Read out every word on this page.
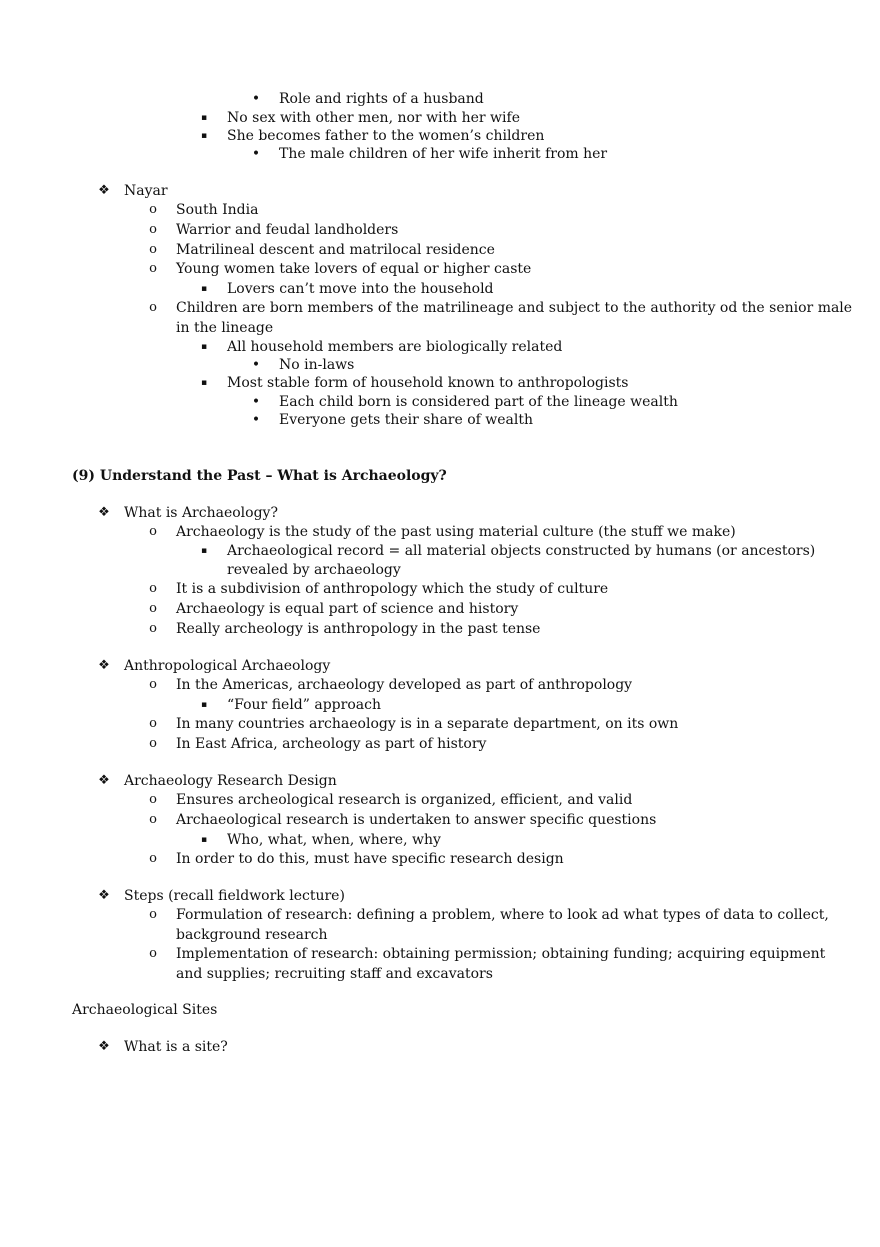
• Role and rights of a husband
▪ No sex with other men, nor with her wife
▪ She becomes father to the women’s children
• The male children of her wife inherit from her
❖ Nayar
o South India
o Warrior and feudal landholders
o Matrilineal descent and matrilocal residence
o Young women take lovers of equal or higher caste
▪ Lovers can’t move into the household
o Children are born members of the matrilineage and subject to the authority od the senior male
in the lineage
▪ All household members are biologically related
• No in-laws
▪ Most stable form of household known to anthropologists
• Each child born is considered part of the lineage wealth
• Everyone gets their share of wealth
(9) Understand the Past – What is Archaeology?
❖ What is Archaeology?
o Archaeology is the study of the past using material culture (the stuff we make)
▪ Archaeological record = all material objects constructed by humans (or ancestors)
revealed by archaeology
o It is a subdivision of anthropology which the study of culture
o Archaeology is equal part of science and history
o Really archeology is anthropology in the past tense
❖ Anthropological Archaeology
o In the Americas, archaeology developed as part of anthropology
▪ “Four field” approach
o In many countries archaeology is in a separate department, on its own
o In East Africa, archeology as part of history
❖ Archaeology Research Design
o Ensures archeological research is organized, efficient, and valid
o Archaeological research is undertaken to answer specific questions
▪ Who, what, when, where, why
o In order to do this, must have specific research design
❖ Steps (recall fieldwork lecture)
o Formulation of research: defining a problem, where to look ad what types of data to collect,
background research
o Implementation of research: obtaining permission; obtaining funding; acquiring equipment
and supplies; recruiting staff and excavators
Archaeological Sites
❖ What is a site?
